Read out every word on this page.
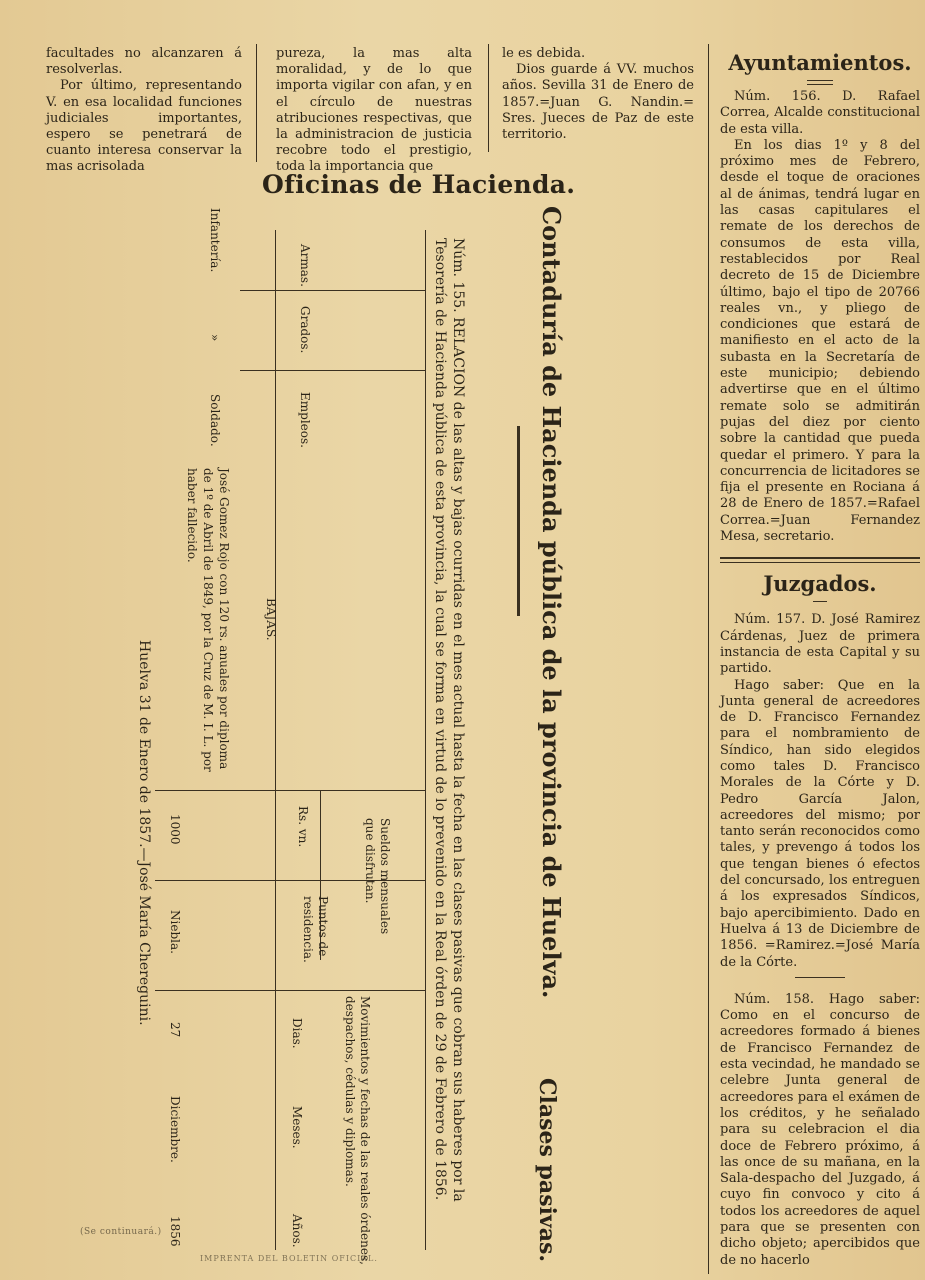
facultades no alcanzaren á resolverlas.

Por último, representando V. en esa localidad funciones judiciales importantes, espero se penetrará de cuanto interesa conservar la mas acrisolada

pureza, la mas alta moralidad, y de lo que importa vigilar con afan, y en el círculo de nuestras atribuciones respectivas, que la administracion de justicia recobre todo el prestigio, toda la importancia que

le es debida.

Dios guarde á VV. muchos años. Sevilla 31 de Enero de 1857.=Juan G. Nandin.= Sres. Jueces de Paz de este territorio.

Oficinas de Hacienda.
Contaduría de Hacienda pública de la provincia de Huelva.
Clases pasivas.
Núm. 155. RELACION de las altas y bajas ocurridas en el mes actual hasta la fecha en las clases pasivas que cobran sus haberes por la Tesorería de Hacienda pública de esta provincia, la cual se forma en virtud de lo prevenido en la Real órden de 29 de Febrero de 1856.
Armas.
Grados.
Empleos.
BAJAS.
Sueldos mensuales que disfrutan.
Rs. vn.
Puntos de residencia.
Movimientos y fechas de las reales órdenes, despachos, cédulas y diplomas.
Dias.
Meses.
Años.
Infantería.
»
Soldado.
José Gomez Rojo con 120 rs. anuales por diploma de 1º de Abril de 1849, por la Cruz de M. I. L. por haber fallecido.
1000
Niebla.
27
Diciembre.
1856
Huelva 31 de Enero de 1857.—José María Chereguini.
Ayuntamientos.

Núm. 156. D. Rafael Correa, Alcalde constitucional de esta villa.

En los dias 1º y 8 del próximo mes de Febrero, desde el toque de oraciones al de ánimas, tendrá lugar en las casas capitulares el remate de los derechos de consumos de esta villa, restablecidos por Real decreto de 15 de Diciembre último, bajo el tipo de 20766 reales vn., y pliego de condiciones que estará de manifiesto en el acto de la subasta en la Secretaría de este municipio; debiendo advertirse que en el último remate solo se admitirán pujas del diez por ciento sobre la cantidad que pueda quedar el primero. Y para la concurrencia de licitadores se fija el presente en Rociana á 28 de Enero de 1857.=Rafael Correa.=Juan Fernandez Mesa, secretario.

Juzgados.

Núm. 157. D. José Ramirez Cárdenas, Juez de primera instancia de esta Capital y su partido.

Hago saber: Que en la Junta general de acreedores de D. Francisco Fernandez para el nombramiento de Síndico, han sido elegidos como tales D. Francisco Morales de la Córte y D. Pedro García Jalon, acreedores del mismo; por tanto serán reconocidos como tales, y prevengo á todos los que tengan bienes ó efectos del concursado, los entreguen á los expresados Síndicos, bajo apercibimiento. Dado en Huelva á 13 de Diciembre de 1856. =Ramirez.=José María de la Córte.

Núm. 158. Hago saber: Como en el concurso de acreedores formado á bienes de Francisco Fernandez de esta vecindad, he mandado se celebre Junta general de acreedores para el exámen de los créditos, y he señalado para su celebracion el dia doce de Febrero próximo, á las once de su mañana, en la Sala-despacho del Juzgado, á cuyo fin convoco y cito á todos los acreedores de aquel para que se presenten con dicho objeto; apercibidos que de no hacerlo

(Se continuará.)
IMPRENTA DEL BOLETIN OFICIAL.
